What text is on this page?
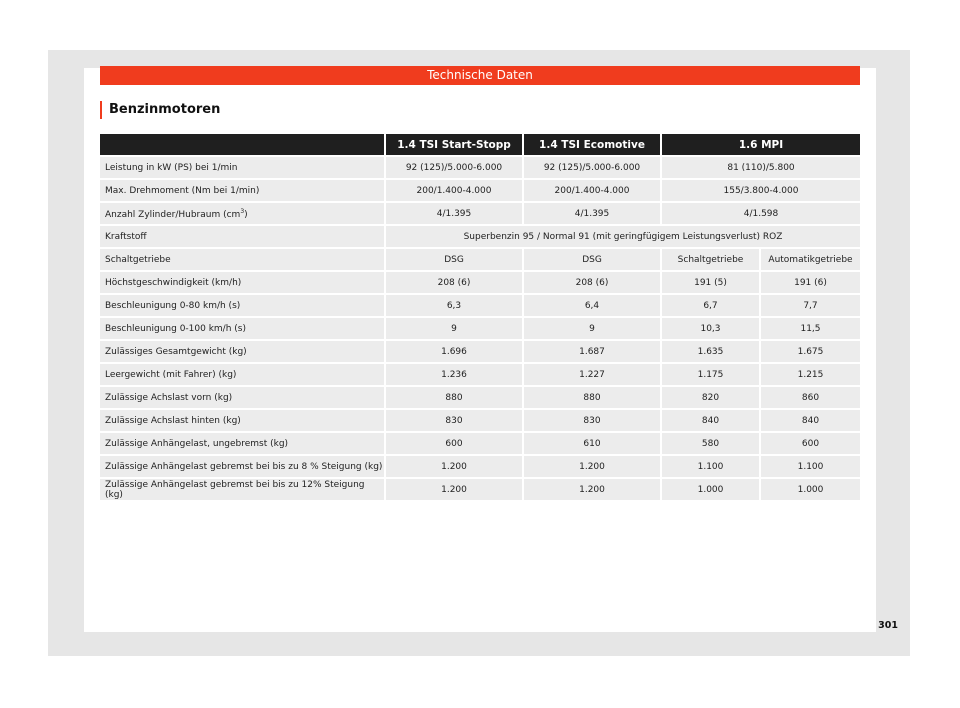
Technische Daten
Benzinmotoren
	1.4 TSI Start-Stopp	1.4 TSI Ecomotive	1.6 MPI	
Leistung in kW (PS) bei 1/min	92 (125)/5.000-6.000	92 (125)/5.000-6.000	81 (110)/5.800	
Max. Drehmoment (Nm bei 1/min)	200/1.400-4.000	200/1.400-4.000	155/3.800-4.000	
Anzahl Zylinder/Hubraum $(cm^3)$	4/1.395	4/1.395	4/1.598	
Kraftstoff	Superbenzin 95 / Normal 91 (mit geringfügigem Leistungsverlust) ROZ			
Schaltgetriebe	DSG	DSG	Schaltgetriebe	Automatikgetriebe
Höchstgeschwindigkeit (km/h)	208 (6)	208 (6)	191 (5)	191 (6)
Beschleunigung 0-80 km/h (s)	6,3	6,4	6,7	7,7
Beschleunigung 0-100 km/h (s)	9	9	10,3	11,5
Zulässiges Gesamtgewicht (kg)	1.696	1.687	1.635	1.675
Leergewicht (mit Fahrer) (kg)	1.236	1.227	1.175	1.215
Zulässige Achslast vorn (kg)	880	880	820	860
Zulässige Achslast hinten (kg)	830	830	840	840
Zulässige Anhängelast, ungebremst (kg)	600	610	580	600
Zulässige Anhängelast gebremst bei bis zu 8 % Steigung (kg)	1.200	1.200	1.100	1.100
Zulässige Anhängelast gebremst bei bis zu 12% Steigung (kg)	1.200	1.200	1.000	1.000
301
